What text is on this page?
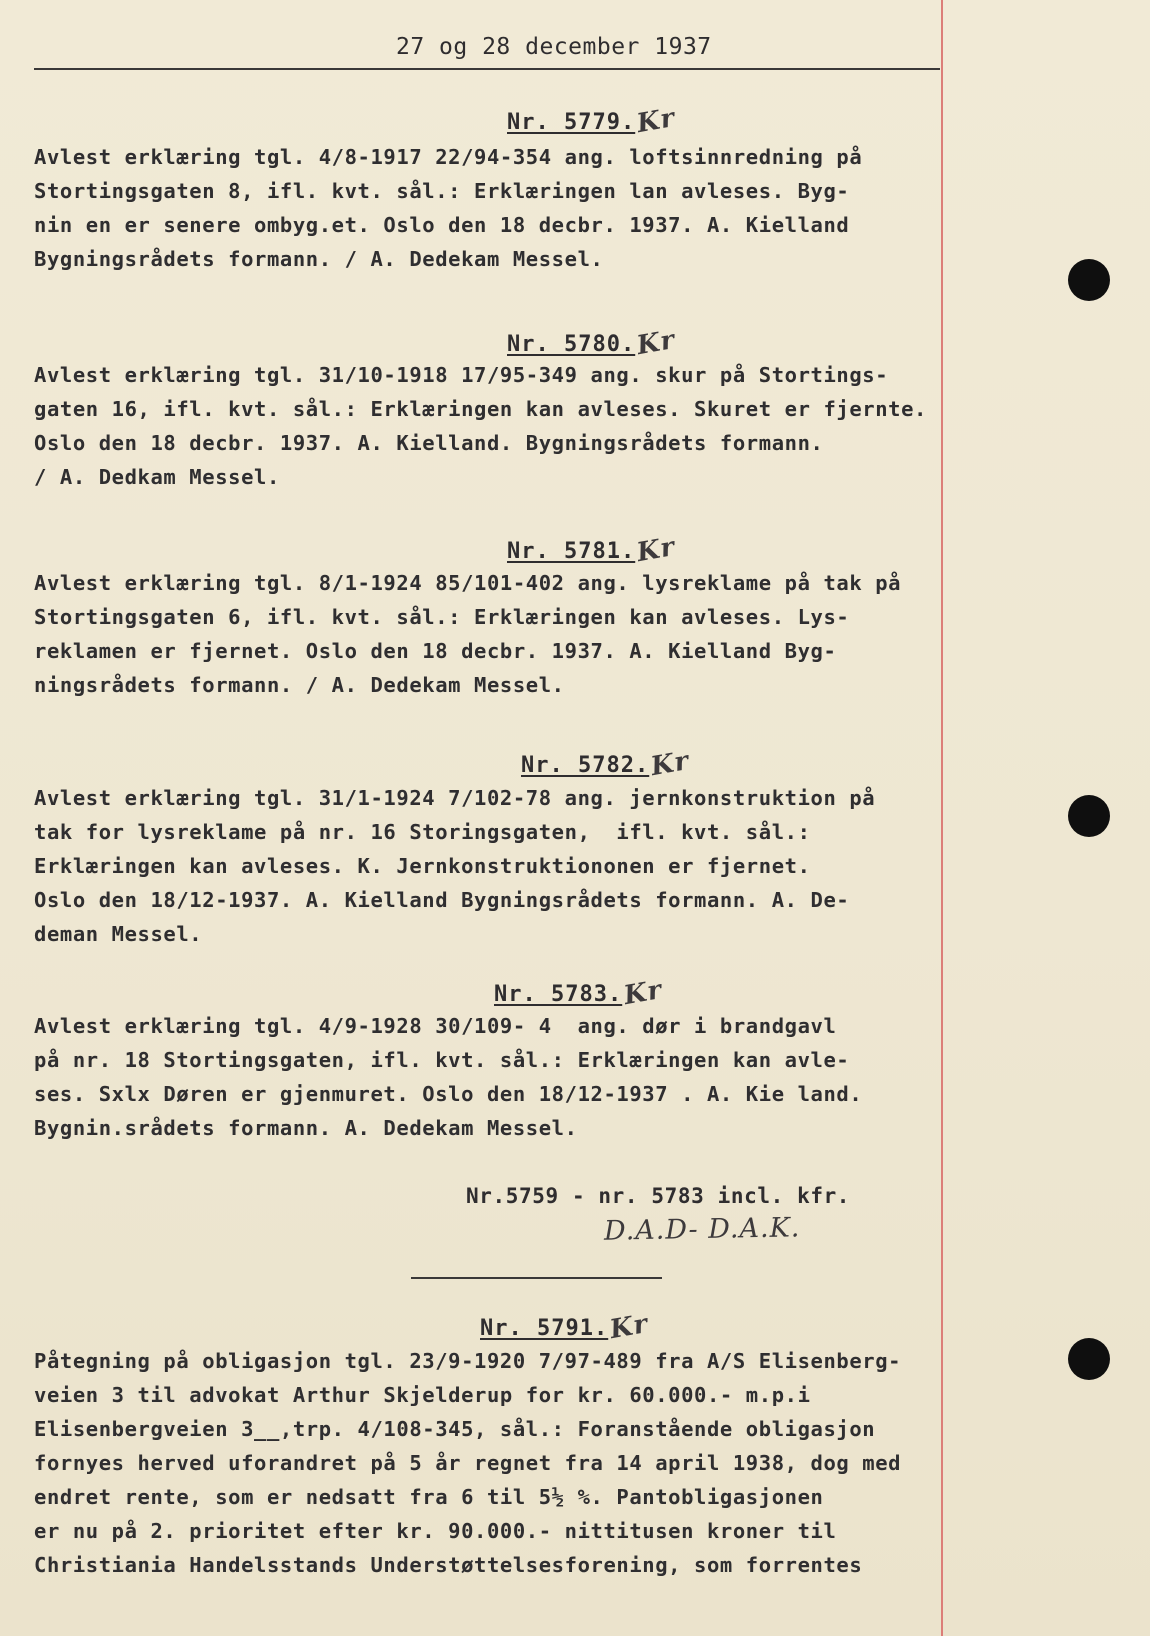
27 og 28 december 1937
Nr. 5779.Kr
Avlest erklæring tgl. 4/8-1917 22/94-354 ang. loftsinnredning på
Stortingsgaten 8, ifl. kvt. sål.: Erklæringen lan avleses. Byg-
nin en er senere ombyg.et. Oslo den 18 decbr. 1937. A. Kielland
Bygningsrådets formann. / A. Dedekam Messel.
Nr. 5780.Kr
Avlest erklæring tgl. 31/10-1918 17/95-349 ang. skur på Stortings-
gaten 16, ifl. kvt. sål.: Erklæringen kan avleses. Skuret er fjernte.
Oslo den 18 decbr. 1937. A. Kielland. Bygningsrådets formann.
/ A. Dedkam Messel.
Nr. 5781.Kr
Avlest erklæring tgl. 8/1-1924 85/101-402 ang. lysreklame på tak på
Stortingsgaten 6, ifl. kvt. sål.: Erklæringen kan avleses. Lys-
reklamen er fjernet. Oslo den 18 decbr. 1937. A. Kielland Byg-
ningsrådets formann. / A. Dedekam Messel.
Nr. 5782.Kr
Avlest erklæring tgl. 31/1-1924 7/102-78 ang. jernkonstruktion på
tak for lysreklame på nr. 16 Storingsgaten,  ifl. kvt. sål.:
Erklæringen kan avleses. K. Jernkonstruktiononen er fjernet.
Oslo den 18/12-1937. A. Kielland Bygningsrådets formann. A. De-
deman Messel.
Nr. 5783.Kr
Avlest erklæring tgl. 4/9-1928 30/109- 4  ang. dør i brandgavl
på nr. 18 Stortingsgaten, ifl. kvt. sål.: Erklæringen kan avle-
ses. Sxlx Døren er gjenmuret. Oslo den 18/12-1937 . A. Kie land.
Bygnin.srådets formann. A. Dedekam Messel.
Nr.5759 - nr. 5783 incl. kfr.
D.A.D- D.A.K.
Nr. 5791.Kr
Påtegning på obligasjon tgl. 23/9-1920 7/97-489 fra A/S Elisenberg-
veien 3 til advokat Arthur Skjelderup for kr. 60.000.- m.p.i
Elisenbergveien 3__,trp. 4/108-345, sål.: Foranstående obligasjon
fornyes herved uforandret på 5 år regnet fra 14 april 1938, dog med
endret rente, som er nedsatt fra 6 til 5½ %. Pantobligasjonen
er nu på 2. prioritet efter kr. 90.000.- nittitusen kroner til
Christiania Handelsstands Understøttelsesforening, som forrentes
